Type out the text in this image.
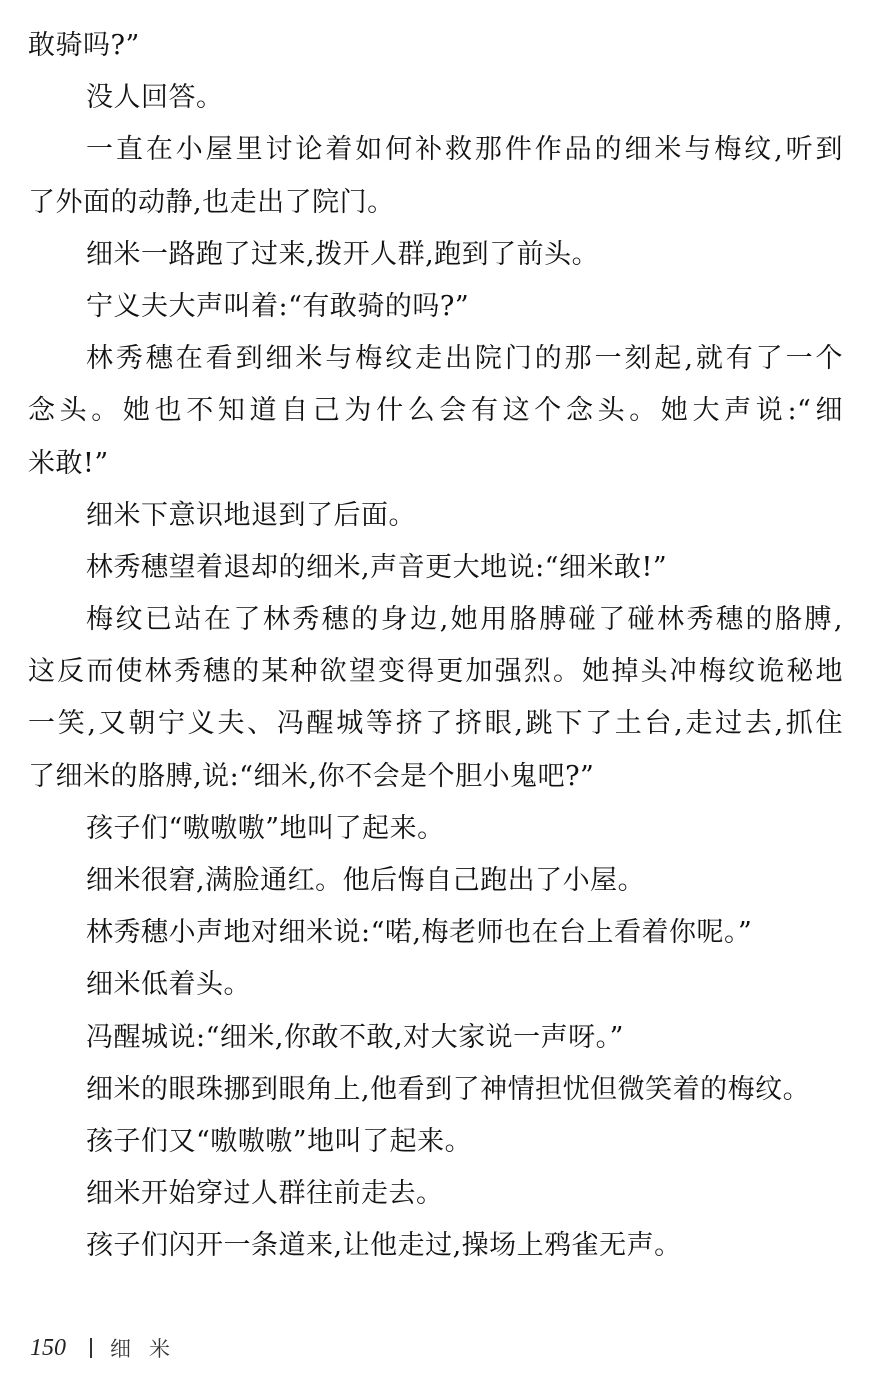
敢骑吗?”
没人回答。
一直在小屋里讨论着如何补救那件作品的细米与梅纹,听到
了外面的动静,也走出了院门。
细米一路跑了过来,拨开人群,跑到了前头。
宁义夫大声叫着:“有敢骑的吗?”
林秀穗在看到细米与梅纹走出院门的那一刻起,就有了一个
念头。她也不知道自己为什么会有这个念头。她大声说:“细
米敢!”
细米下意识地退到了后面。
林秀穗望着退却的细米,声音更大地说:“细米敢!”
梅纹已站在了林秀穗的身边,她用胳膊碰了碰林秀穗的胳膊,
这反而使林秀穗的某种欲望变得更加强烈。她掉头冲梅纹诡秘地
一笑,又朝宁义夫、冯醒城等挤了挤眼,跳下了土台,走过去,抓住
了细米的胳膊,说:“细米,你不会是个胆小鬼吧?”
孩子们“嗷嗷嗷”地叫了起来。
细米很窘,满脸通红。他后悔自己跑出了小屋。
林秀穗小声地对细米说:“喏,梅老师也在台上看着你呢。”
细米低着头。
冯醒城说:“细米,你敢不敢,对大家说一声呀。”
细米的眼珠挪到眼角上,他看到了神情担忧但微笑着的梅纹。
孩子们又“嗷嗷嗷”地叫了起来。
细米开始穿过人群往前走去。
孩子们闪开一条道来,让他走过,操场上鸦雀无声。
150	细米
